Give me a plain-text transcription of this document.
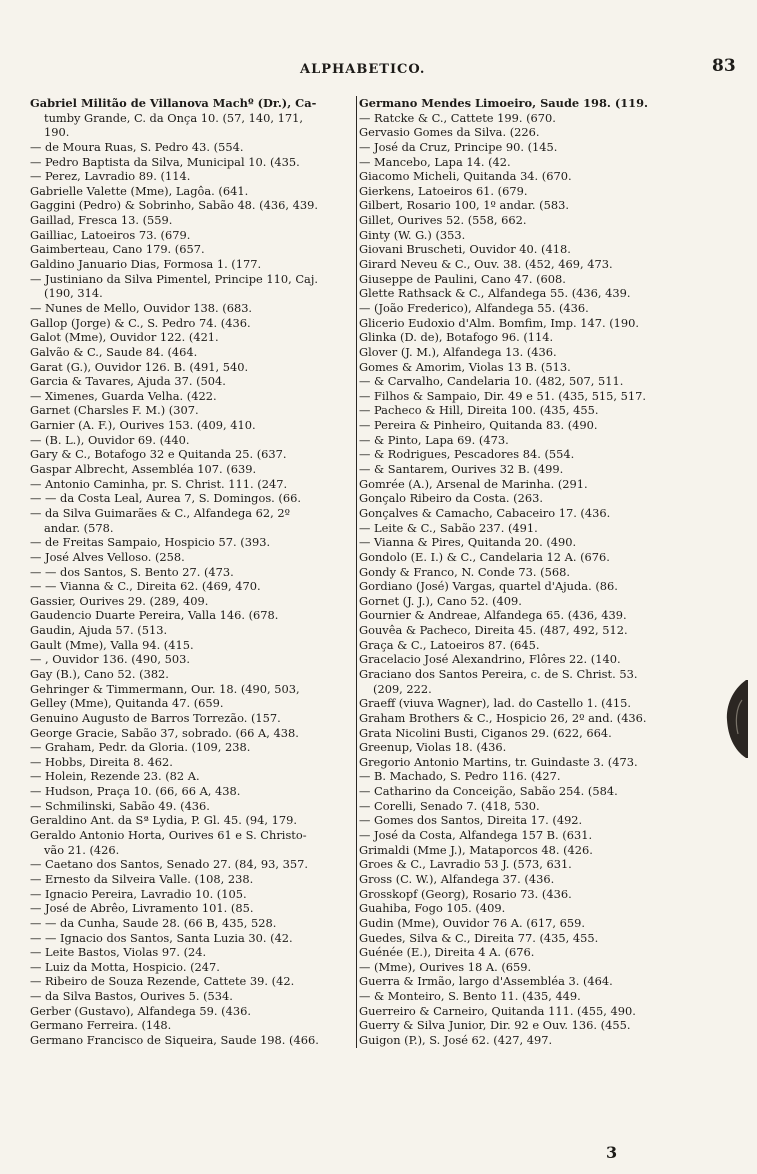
ALPHABETICO.	83
Gabriel Militão de Villanova Machº (Dr.), Ca-
tumby Grande, C. da Onça 10. (57, 140, 171,
190.
— de Moura Ruas, S. Pedro 43. (554.
— Pedro Baptista da Silva, Municipal 10. (435.
— Perez, Lavradio 89. (114.
Gabrielle Valette (Mme), Lagôa. (641.
Gaggini (Pedro) & Sobrinho, Sabão 48. (436, 439.
Gaillad, Fresca 13. (559.
Gailliac, Latoeiros 73. (679.
Gaimberteau, Cano 179. (657.
Galdino Januario Dias, Formosa 1. (177.
— Justiniano da Silva Pimentel, Principe 110, Caj.
(190, 314.
— Nunes de Mello, Ouvidor 138. (683.
Gallop (Jorge) & C., S. Pedro 74. (436.
Galot (Mme), Ouvidor 122. (421.
Galvão & C., Saude 84. (464.
Garat (G.), Ouvidor 126. B. (491, 540.
Garcia & Tavares, Ajuda 37. (504.
— Ximenes, Guarda Velha. (422.
Garnet (Charsles F. M.) (307.
Garnier (A. F.), Ourives 153. (409, 410.
— (B. L.), Ouvidor 69. (440.
Gary & C., Botafogo 32 e Quitanda 25. (637.
Gaspar Albrecht, Assembléa 107. (639.
— Antonio Caminha, pr. S. Christ. 111. (247.
— — da Costa Leal, Aurea 7, S. Domingos. (66.
— da Silva Guimarães & C., Alfandega 62, 2º
andar. (578.
— de Freitas Sampaio, Hospicio 57. (393.
— José Alves Velloso. (258.
— — dos Santos, S. Bento 27. (473.
— — Vianna & C., Direita 62. (469, 470.
Gassier, Ourives 29. (289, 409.
Gaudencio Duarte Pereira, Valla 146. (678.
Gaudin, Ajuda 57. (513.
Gault (Mme), Valla 94. (415.
— , Ouvidor 136. (490, 503.
Gay (B.), Cano 52. (382.
Gehringer & Timmermann, Our. 18. (490, 503,
Gelley (Mme), Quitanda 47. (659.
Genuino Augusto de Barros Torrezão. (157.
George Gracie, Sabão 37, sobrado. (66 A, 438.
— Graham, Pedr. da Gloria. (109, 238.
— Hobbs, Direita 8. 462.
— Holein, Rezende 23. (82 A.
— Hudson, Praça 10. (66, 66 A, 438.
— Schmilinski, Sabão 49. (436.
Geraldino Ant. da Sª Lydia, P. Gl. 45. (94, 179.
Geraldo Antonio Horta, Ourives 61 e S. Christo-
vão 21. (426.
— Caetano dos Santos, Senado 27. (84, 93, 357.
— Ernesto da Silveira Valle. (108, 238.
— Ignacio Pereira, Lavradio 10. (105.
— José de Abrêo, Livramento 101. (85.
— — da Cunha, Saude 28. (66 B, 435, 528.
— — Ignacio dos Santos, Santa Luzia 30. (42.
— Leite Bastos, Violas 97. (24.
— Luiz da Motta, Hospicio. (247.
— Ribeiro de Souza Rezende, Cattete 39. (42.
— da Silva Bastos, Ourives 5. (534.
Gerber (Gustavo), Alfandega 59. (436.
Germano Ferreira. (148.
Germano Francisco de Siqueira, Saude 198. (466.
Germano Mendes Limoeiro, Saude 198. (119.
— Ratcke & C., Cattete 199. (670.
Gervasio Gomes da Silva. (226.
— José da Cruz, Principe 90. (145.
— Mancebo, Lapa 14. (42.
Giacomo Micheli, Quitanda 34. (670.
Gierkens, Latoeiros 61. (679.
Gilbert, Rosario 100, 1º andar. (583.
Gillet, Ourives 52. (558, 662.
Ginty (W. G.) (353.
Giovani Bruscheti, Ouvidor 40. (418.
Girard Neveu & C., Ouv. 38. (452, 469, 473.
Giuseppe de Paulini, Cano 47. (608.
Glette Rathsack & C., Alfandega 55. (436, 439.
— (João Frederico), Alfandega 55. (436.
Glicerio Eudoxio d'Alm. Bomfim, Imp. 147. (190.
Glinka (D. de), Botafogo 96. (114.
Glover (J. M.), Alfandega 13. (436.
Gomes & Amorim, Violas 13 B. (513.
— & Carvalho, Candelaria 10. (482, 507, 511.
— Filhos & Sampaio, Dir. 49 e 51. (435, 515, 517.
— Pacheco & Hill, Direita 100. (435, 455.
— Pereira & Pinheiro, Quitanda 83. (490.
— & Pinto, Lapa 69. (473.
— & Rodrigues, Pescadores 84. (554.
— & Santarem, Ourives 32 B. (499.
Gomrée (A.), Arsenal de Marinha. (291.
Gonçalo Ribeiro da Costa. (263.
Gonçalves & Camacho, Cabaceiro 17. (436.
— Leite & C., Sabão 237. (491.
— Vianna & Pires, Quitanda 20. (490.
Gondolo (E. I.) & C., Candelaria 12 A. (676.
Gondy & Franco, N. Conde 73. (568.
Gordiano (José) Vargas, quartel d'Ajuda. (86.
Gornet (J. J.), Cano 52. (409.
Gournier & Andreae, Alfandega 65. (436, 439.
Gouvêa & Pacheco, Direita 45. (487, 492, 512.
Graça & C., Latoeiros 87. (645.
Gracelacio José Alexandrino, Flôres 22. (140.
Graciano dos Santos Pereira, c. de S. Christ. 53.
(209, 222.
Graeff (viuva Wagner), lad. do Castello 1. (415.
Graham Brothers & C., Hospicio 26, 2º and. (436.
Grata Nicolini Busti, Ciganos 29. (622, 664.
Greenup, Violas 18. (436.
Gregorio Antonio Martins, tr. Guindaste 3. (473.
— B. Machado, S. Pedro 116. (427.
— Catharino da Conceição, Sabão 254. (584.
— Corelli, Senado 7. (418, 530.
— Gomes dos Santos, Direita 17. (492.
— José da Costa, Alfandega 157 B. (631.
Grimaldi (Mme J.), Mataporcos 48. (426.
Groes & C., Lavradio 53 J. (573, 631.
Gross (C. W.), Alfandega 37. (436.
Grosskopf (Georg), Rosario 73. (436.
Guahiba, Fogo 105. (409.
Gudin (Mme), Ouvidor 76 A. (617, 659.
Guedes, Silva & C., Direita 77. (435, 455.
Guénée (E.), Direita 4 A. (676.
— (Mme), Ourives 18 A. (659.
Guerra & Irmão, largo d'Assembléa 3. (464.
— & Monteiro, S. Bento 11. (435, 449.
Guerreiro & Carneiro, Quitanda 111. (455, 490.
Guerry & Silva Junior, Dir. 92 e Ouv. 136. (455.
Guigon (P.), S. José 62. (427, 497.
3
